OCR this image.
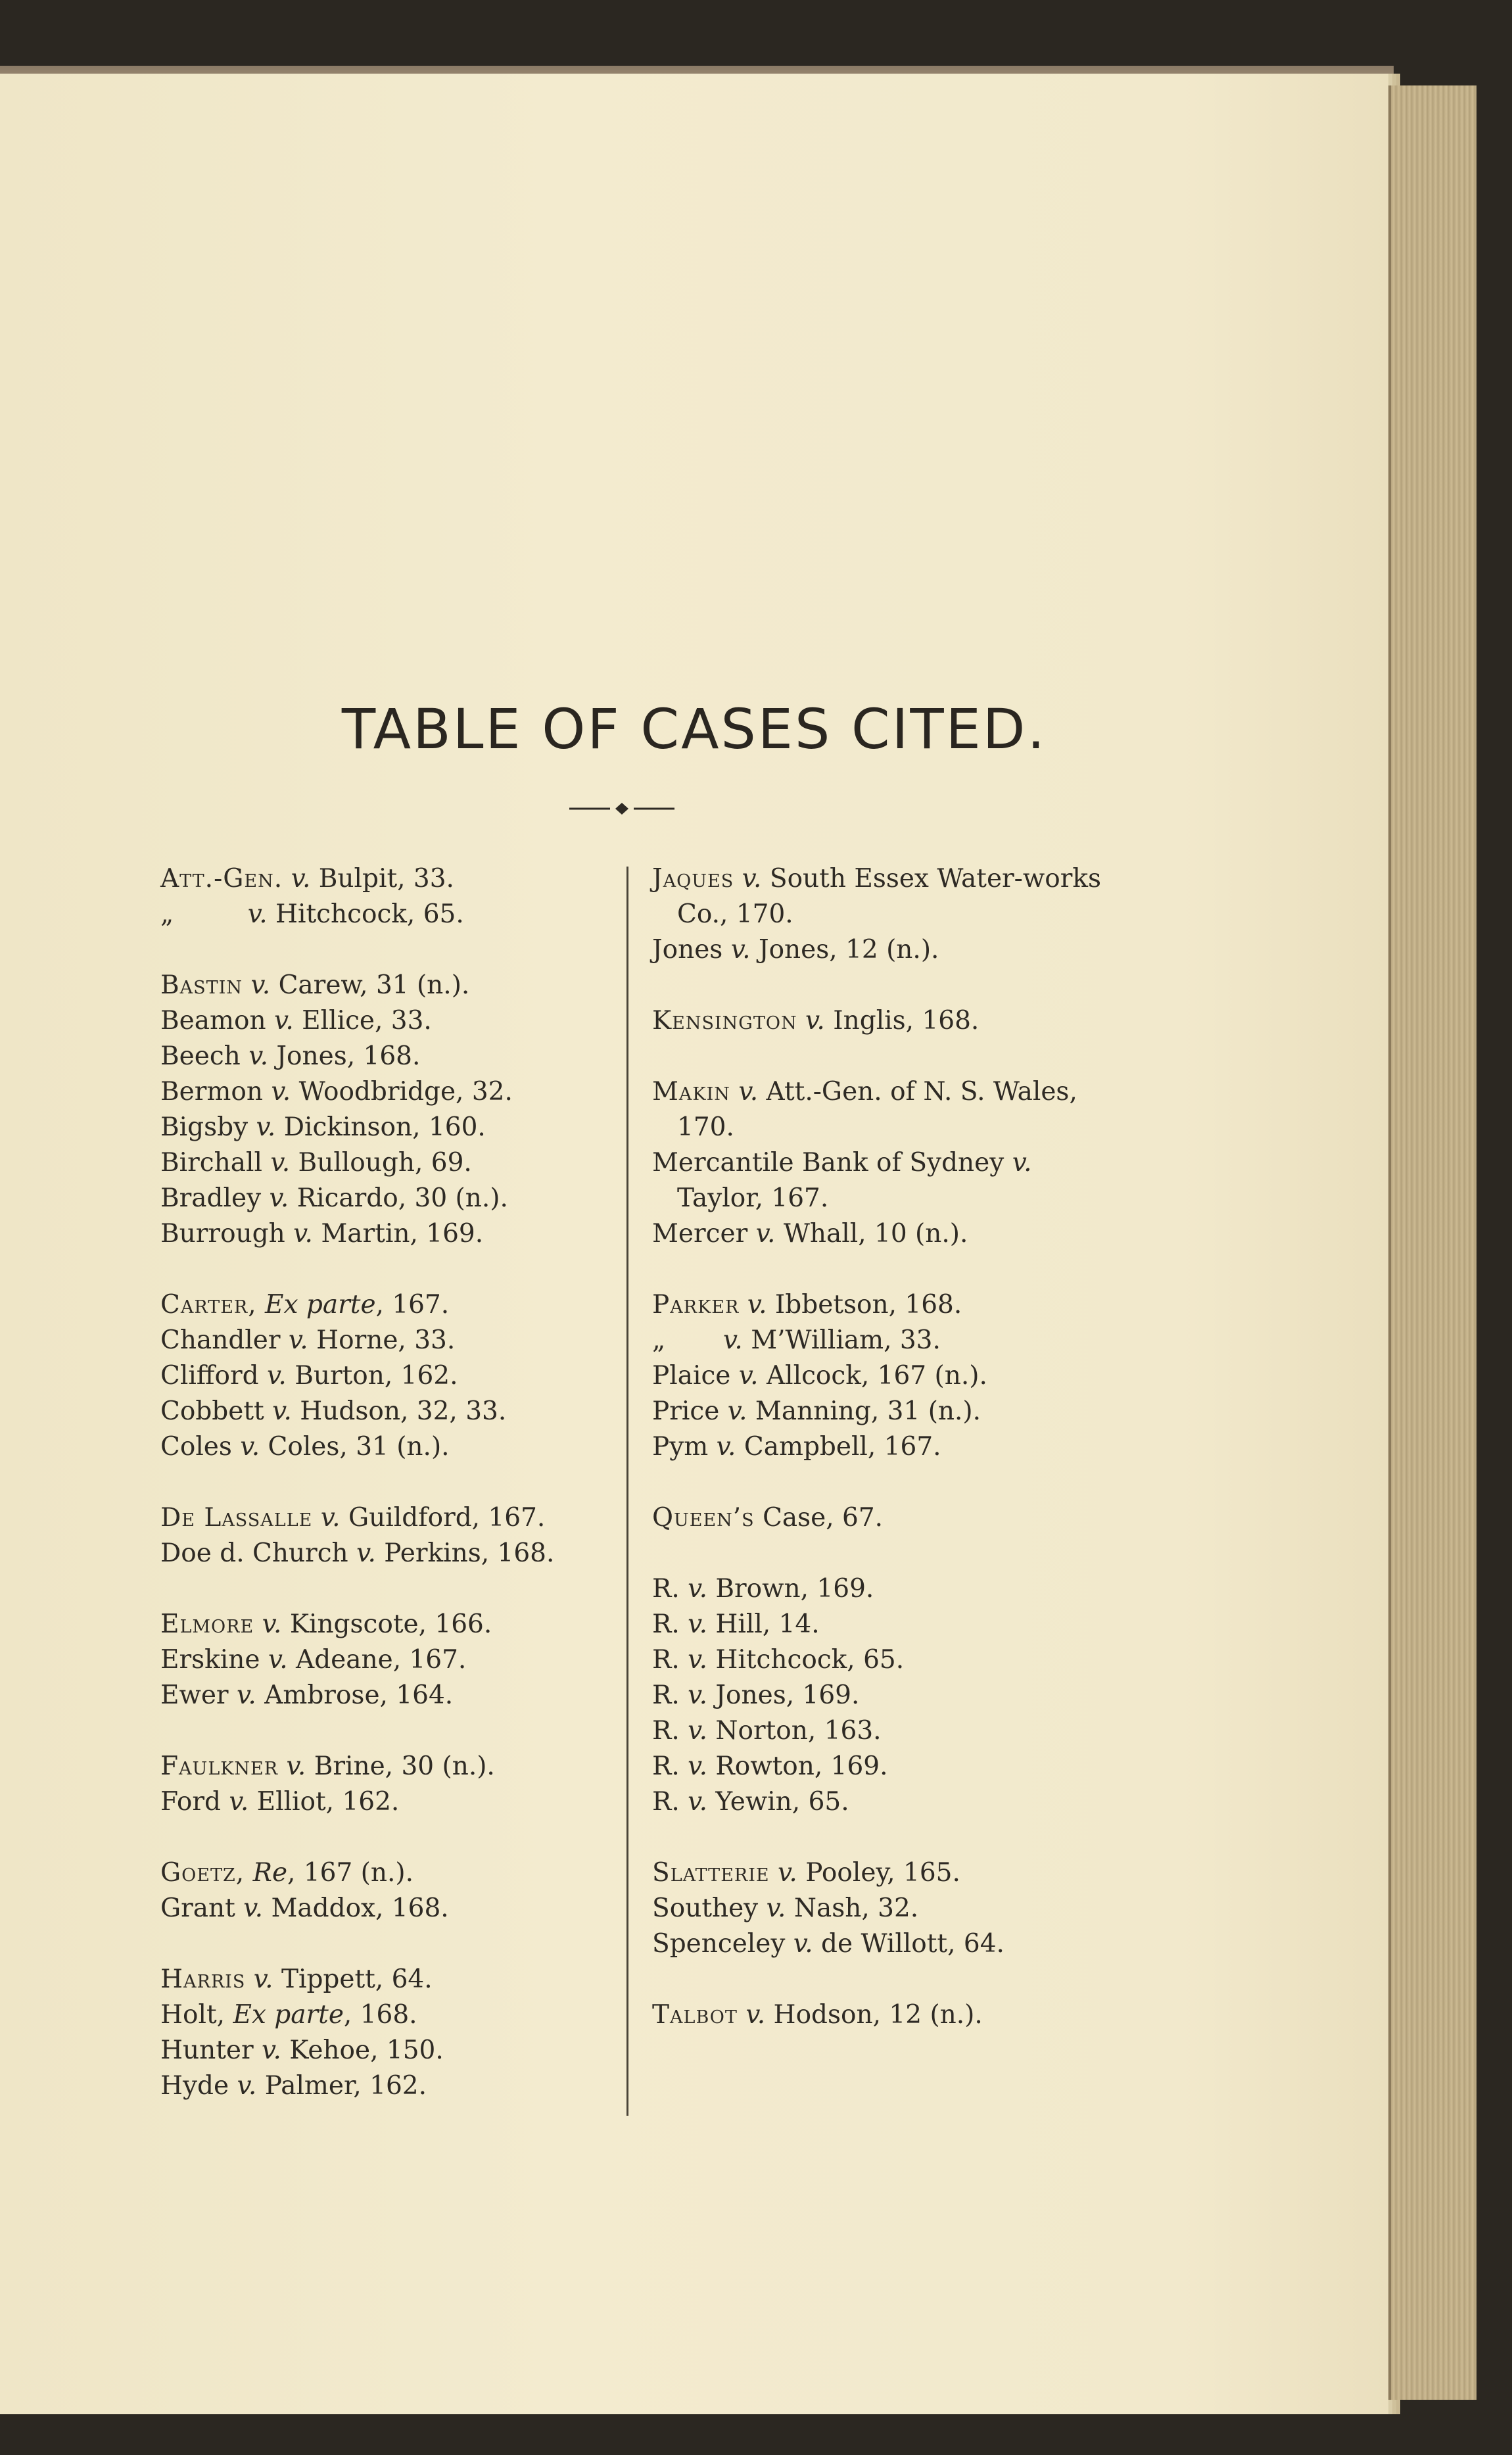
TABLE OF CASES CITED.
Att.-Gen. v. Bulpit, 33.
„	v. Hitchcock, 65.
Bastin v. Carew, 31 (n.).
Beamon v. Ellice, 33.
Beech v. Jones, 168.
Bermon v. Woodbridge, 32.
Bigsby v. Dickinson, 160.
Birchall v. Bullough, 69.
Bradley v. Ricardo, 30 (n.).
Burrough v. Martin, 169.
Carter, Ex parte, 167.
Chandler v. Horne, 33.
Clifford v. Burton, 162.
Cobbett v. Hudson, 32, 33.
Coles v. Coles, 31 (n.).
De Lassalle v. Guildford, 167.
Doe d. Church v. Perkins, 168.
Elmore v. Kingscote, 166.
Erskine v. Adeane, 167.
Ewer v. Ambrose, 164.
Faulkner v. Brine, 30 (n.).
Ford v. Elliot, 162.
Goetz, Re, 167 (n.).
Grant v. Maddox, 168.
Harris v. Tippett, 64.
Holt, Ex parte, 168.
Hunter v. Kehoe, 150.
Hyde v. Palmer, 162.
Jaques v. South Essex Water-works Co., 170.
Jones v. Jones, 12 (n.).
Kensington v. Inglis, 168.
Makin v. Att.-Gen. of N. S. Wales, 170.
Mercantile Bank of Sydney v. Taylor, 167.
Mercer v. Whall, 10 (n.).
Parker v. Ibbetson, 168.
„ v. M’William, 33.
Plaice v. Allcock, 167 (n.).
Price v. Manning, 31 (n.).
Pym v. Campbell, 167.
Queen’s Case, 67.
R. v. Brown, 169.
R. v. Hill, 14.
R. v. Hitchcock, 65.
R. v. Jones, 169.
R. v. Norton, 163.
R. v. Rowton, 169.
R. v. Yewin, 65.
Slatterie v. Pooley, 165.
Southey v. Nash, 32.
Spenceley v. de Willott, 64.
Talbot v. Hodson, 12 (n.).
